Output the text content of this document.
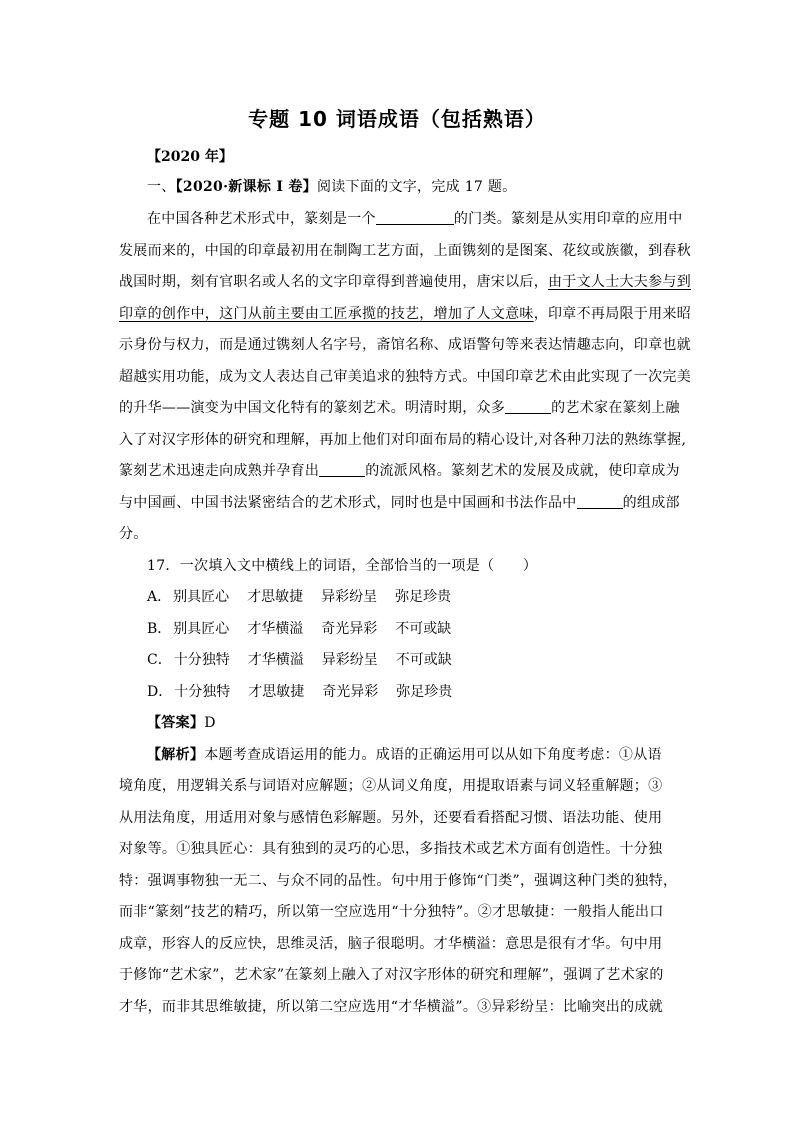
专题 10 词语成语（包括熟语）
【2020 年】
一、【2020·新课标 I 卷】阅读下面的文字，完成 17 题。
在中国各种艺术形式中，篆刻是一个	的门类。篆刻是从实用印章的应用中
发展而来的，中国的印章最初用在制陶工艺方面，上面镌刻的是图案、花纹或族徽，到春秋
战国时期，刻有官职名或人名的文字印章得到普遍使用，唐宋以后，由于文人士大夫参与到
印章的创作中，这门从前主要由工匠承揽的技艺，增加了人文意味，印章不再局限于用来昭
示身份与权力，而是通过镌刻人名字号，斋馆名称、成语警句等来表达情趣志向，印章也就
超越实用功能，成为文人表达自己审美追求的独特方式。中国印章艺术由此实现了一次完美
的升华——演变为中国文化特有的篆刻艺术。明清时期，众多	的艺术家在篆刻上融
入了对汉字形体的研究和理解，再加上他们对印面布局的精心设计,对各种刀法的熟练掌握,
篆刻艺术迅速走向成熟并孕育出	的流派风格。篆刻艺术的发展及成就，使印章成为
与中国画、中国书法紧密结合的艺术形式，同时也是中国画和书法作品中	的组成部
分。
17．一次填入文中横线上的词语，全部恰当的一项是（　　）
A． 别具匠心 才思敏捷 异彩纷呈 弥足珍贵
B． 别具匠心 才华横溢 奇光异彩 不可或缺
C． 十分独特 才华横溢 异彩纷呈 不可或缺
D． 十分独特 才思敏捷 奇光异彩 弥足珍贵
【答案】D
【解析】本题考查成语运用的能力。成语的正确运用可以从如下角度考虑：①从语
境角度，用逻辑关系与词语对应解题；②从词义角度，用提取语素与词义轻重解题；③
从用法角度，用适用对象与感情色彩解题。另外，还要看看搭配习惯、语法功能、使用
对象等。①独具匠心：具有独到的灵巧的心思，多指技术或艺术方面有创造性。十分独
特：强调事物独一无二、与众不同的品性。句中用于修饰“门类”，强调这种门类的独特，
而非“篆刻”技艺的精巧，所以第一空应选用“十分独特”。②才思敏捷：一般指人能出口
成章，形容人的反应快，思维灵活，脑子很聪明。才华横溢：意思是很有才华。句中用
于修饰“艺术家”，艺术家”在篆刻上融入了对汉字形体的研究和理解”，强调了艺术家的
才华，而非其思维敏捷，所以第二空应选用“才华横溢”。③异彩纷呈：比喻突出的成就
